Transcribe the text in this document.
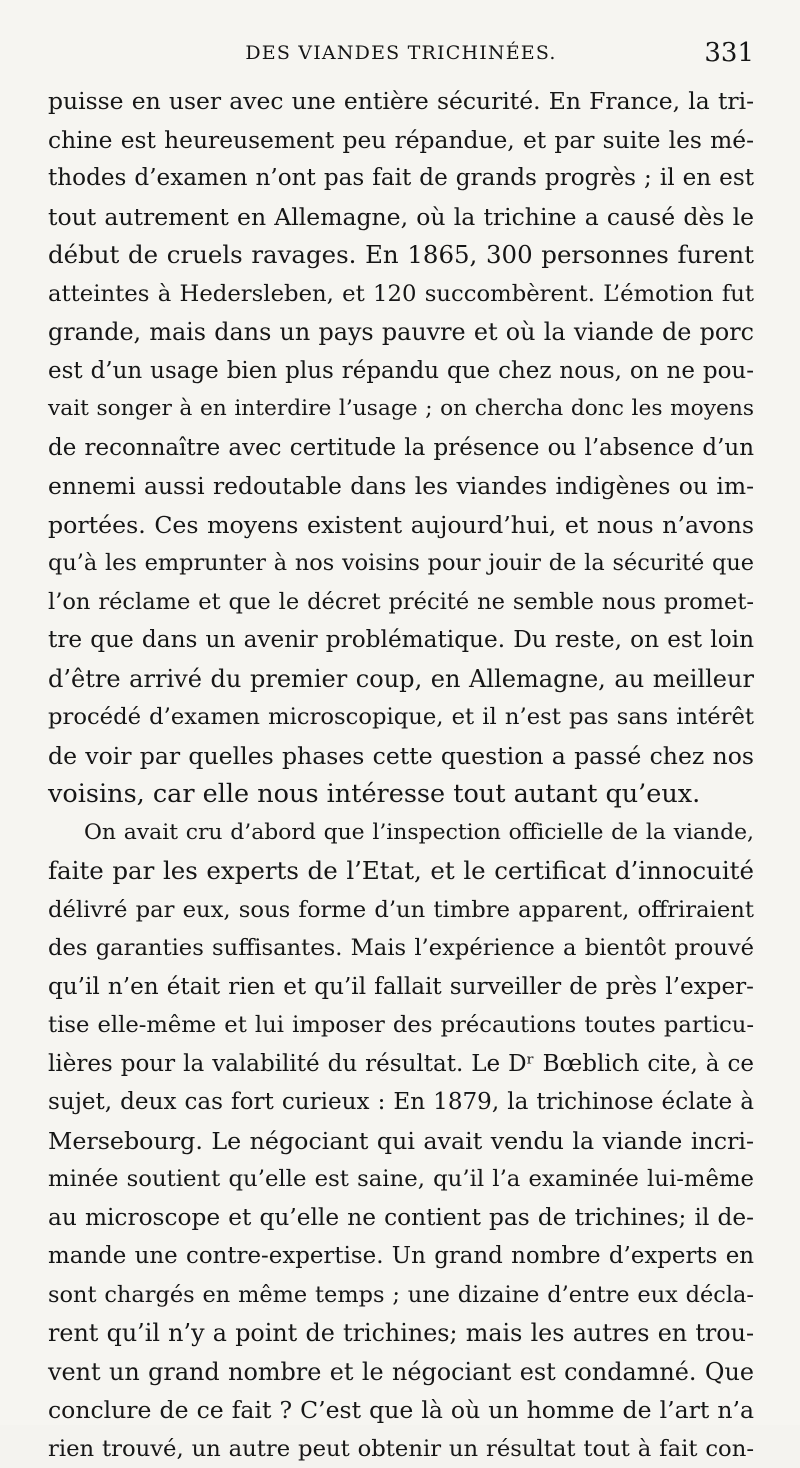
DES VIANDES TRICHINÉES.	331
puisse en user avec une entière sécurité. En France, la tri-
chine est heureusement peu répandue, et par suite les mé-
thodes d’examen n’ont pas fait de grands progrès ; il en est
tout autrement en Allemagne, où la trichine a causé dès le
début de cruels ravages. En 1865, 300 personnes furent
atteintes à Hedersleben, et 120 succombèrent. L’émotion fut
grande, mais dans un pays pauvre et où la viande de porc
est d’un usage bien plus répandu que chez nous, on ne pou-
vait songer à en interdire l’usage ; on chercha donc les moyens
de reconnaître avec certitude la présence ou l’absence d’un
ennemi aussi redoutable dans les viandes indigènes ou im-
portées. Ces moyens existent aujourd’hui, et nous n’avons
qu’à les emprunter à nos voisins pour jouir de la sécurité que
l’on réclame et que le décret précité ne semble nous promet-
tre que dans un avenir problématique. Du reste, on est loin
d’être arrivé du premier coup, en Allemagne, au meilleur
procédé d’examen microscopique, et il n’est pas sans intérêt
de voir par quelles phases cette question a passé chez nos
voisins, car elle nous intéresse tout autant qu’eux.
On avait cru d’abord que l’inspection officielle de la viande,
faite par les experts de l’Etat, et le certificat d’innocuité
délivré par eux, sous forme d’un timbre apparent, offriraient
des garanties suffisantes. Mais l’expérience a bientôt prouvé
qu’il n’en était rien et qu’il fallait surveiller de près l’exper-
tise elle-même et lui imposer des précautions toutes particu-
lières pour la valabilité du résultat. Le Dʳ Bœblich cite, à ce
sujet, deux cas fort curieux : En 1879, la trichinose éclate à
Mersebourg. Le négociant qui avait vendu la viande incri-
minée soutient qu’elle est saine, qu’il l’a examinée lui-même
au microscope et qu’elle ne contient pas de trichines; il de-
mande une contre-expertise. Un grand nombre d’experts en
sont chargés en même temps ; une dizaine d’entre eux décla-
rent qu’il n’y a point de trichines; mais les autres en trou-
vent un grand nombre et le négociant est condamné. Que
conclure de ce fait ? C’est que là où un homme de l’art n’a
rien trouvé, un autre peut obtenir un résultat tout à fait con-
